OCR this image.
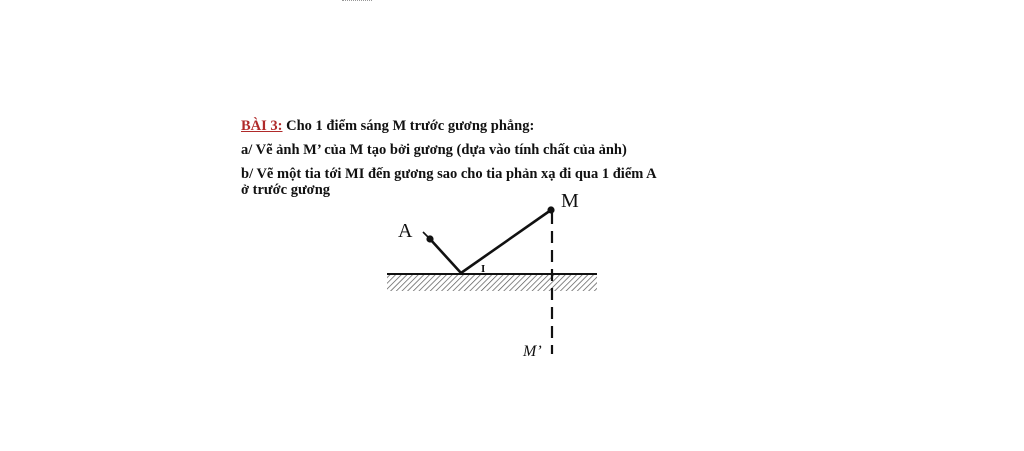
BÀI 3: Cho 1 điểm sáng M trước gương phẳng:
a/ Vẽ ảnh M’ của M tạo bởi gương (dựa vào tính chất của ảnh)
b/ Vẽ một tia tới MI đến gương sao cho tia phản xạ đi qua 1 điểm A
ở trước gương
A
M
I
M’
